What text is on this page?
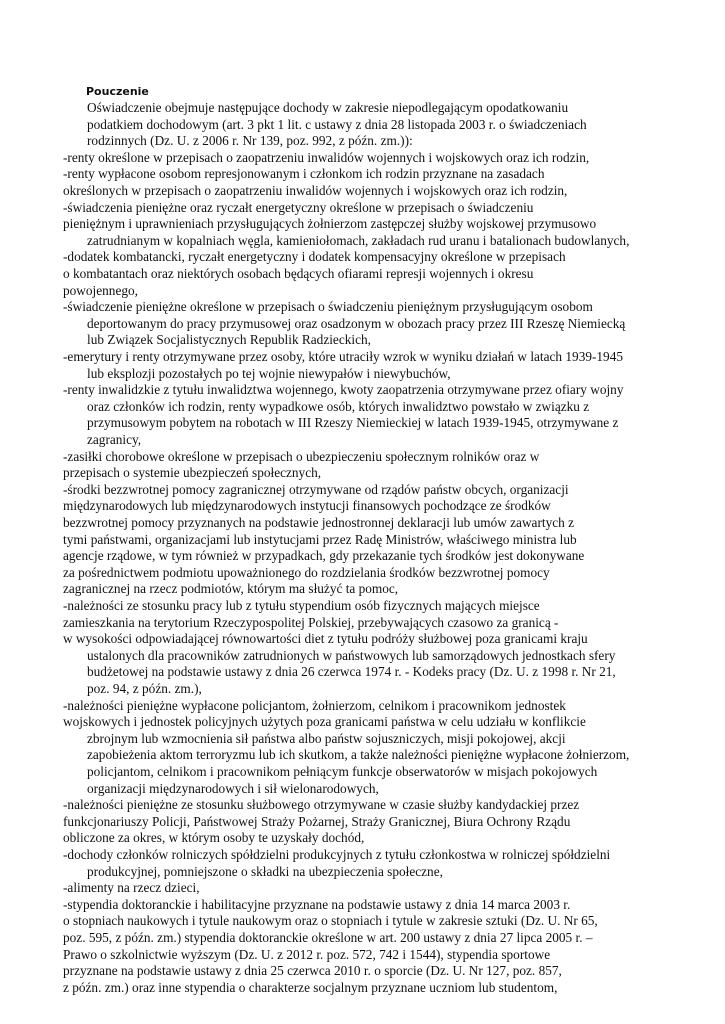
Pouczenie
Oświadczenie obejmuje następujące dochody w zakresie niepodlegającym opodatkowaniu
podatkiem dochodowym (art. 3 pkt 1 lit. c ustawy z dnia 28 listopada 2003 r. o świadczeniach
rodzinnych (Dz. U. z 2006 r. Nr 139, poz. 992, z późn. zm.)):
-renty określone w przepisach o zaopatrzeniu inwalidów wojennych i wojskowych oraz ich rodzin,
-renty wypłacone osobom represjonowanym i członkom ich rodzin przyznane na zasadach
określonych w przepisach o zaopatrzeniu inwalidów wojennych i wojskowych oraz ich rodzin,
-świadczenia pieniężne oraz ryczałt energetyczny określone w przepisach o świadczeniu
pieniężnym i uprawnieniach przysługujących żołnierzom zastępczej służby wojskowej przymusowo
zatrudnianym w kopalniach węgla, kamieniołomach, zakładach rud uranu i batalionach budowlanych,
-dodatek kombatancki, ryczałt energetyczny i dodatek kompensacyjny określone w przepisach
o kombatantach oraz niektórych osobach będących ofiarami represji wojennych i okresu
powojennego,
-świadczenie pieniężne określone w przepisach o świadczeniu pieniężnym przysługującym osobom
deportowanym do pracy przymusowej oraz osadzonym w obozach pracy przez III Rzeszę Niemiecką
lub Związek Socjalistycznych Republik Radzieckich,
-emerytury i renty otrzymywane przez osoby, które utraciły wzrok w wyniku działań w latach 1939-1945
lub eksplozji pozostałych po tej wojnie niewypałów i niewybuchów,
-renty inwalidzkie z tytułu inwalidztwa wojennego, kwoty zaopatrzenia otrzymywane przez ofiary wojny
oraz członków ich rodzin, renty wypadkowe osób, których inwalidztwo powstało w związku z
przymusowym pobytem na robotach w III Rzeszy Niemieckiej w latach 1939-1945, otrzymywane z
zagranicy,
-zasiłki chorobowe określone w przepisach o ubezpieczeniu społecznym rolników oraz w
przepisach o systemie ubezpieczeń społecznych,
-środki bezzwrotnej pomocy zagranicznej otrzymywane od rządów państw obcych, organizacji
międzynarodowych lub międzynarodowych instytucji finansowych pochodzące ze środków
bezzwrotnej pomocy przyznanych na podstawie jednostronnej deklaracji lub umów zawartych z
tymi państwami, organizacjami lub instytucjami przez Radę Ministrów, właściwego ministra lub
agencje rządowe, w tym również w przypadkach, gdy przekazanie tych środków jest dokonywane
za pośrednictwem podmiotu upoważnionego do rozdzielania środków bezzwrotnej pomocy
zagranicznej na rzecz podmiotów, którym ma służyć ta pomoc,
-należności ze stosunku pracy lub z tytułu stypendium osób fizycznych mających miejsce
zamieszkania na terytorium Rzeczypospolitej Polskiej, przebywających czasowo za granicą -
w wysokości odpowiadającej równowartości diet z tytułu podróży służbowej poza granicami kraju
ustalonych dla pracowników zatrudnionych w państwowych lub samorządowych jednostkach sfery
budżetowej na podstawie ustawy z dnia 26 czerwca 1974 r. - Kodeks pracy (Dz. U. z 1998 r. Nr 21,
poz. 94, z późn. zm.),
-należności pieniężne wypłacone policjantom, żołnierzom, celnikom i pracownikom jednostek
wojskowych i jednostek policyjnych użytych poza granicami państwa w celu udziału w konflikcie
zbrojnym lub wzmocnienia sił państwa albo państw sojuszniczych, misji pokojowej, akcji
zapobieżenia aktom terroryzmu lub ich skutkom, a także należności pieniężne wypłacone żołnierzom,
policjantom, celnikom i pracownikom pełniącym funkcje obserwatorów w misjach pokojowych
organizacji międzynarodowych i sił wielonarodowych,
-należności pieniężne ze stosunku służbowego otrzymywane w czasie służby kandydackiej przez
funkcjonariuszy Policji, Państwowej Straży Pożarnej, Straży Granicznej, Biura Ochrony Rządu
obliczone za okres, w którym osoby te uzyskały dochód,
-dochody członków rolniczych spółdzielni produkcyjnych z tytułu członkostwa w rolniczej spółdzielni
produkcyjnej, pomniejszone o składki na ubezpieczenia społeczne,
-alimenty na rzecz dzieci,
-stypendia doktoranckie i habilitacyjne przyznane na podstawie ustawy z dnia 14 marca 2003 r.
o stopniach naukowych i tytule naukowym oraz o stopniach i tytule w zakresie sztuki (Dz. U. Nr 65,
poz. 595, z późn. zm.) stypendia doktoranckie określone w art. 200 ustawy z dnia 27 lipca 2005 r. –
Prawo o szkolnictwie wyższym (Dz. U. z 2012 r. poz. 572, 742 i 1544), stypendia sportowe
przyznane na podstawie ustawy z dnia 25 czerwca 2010 r. o sporcie (Dz. U. Nr 127, poz. 857,
z późn. zm.) oraz inne stypendia o charakterze socjalnym przyznane uczniom lub studentom,
